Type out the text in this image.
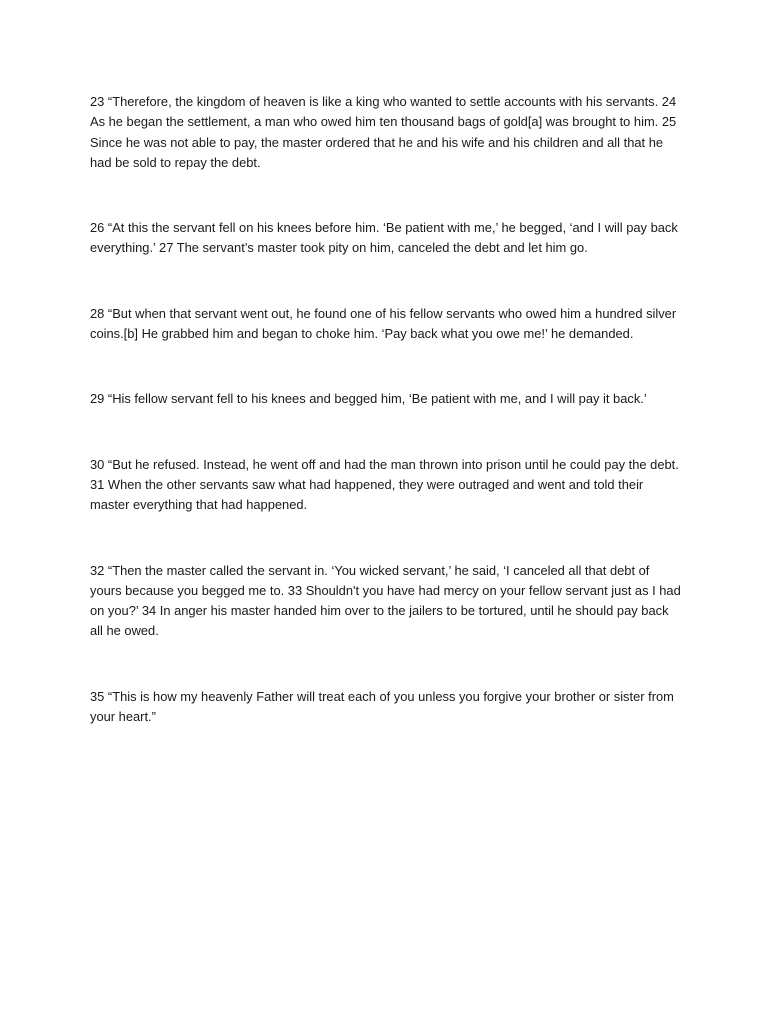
23 “Therefore, the kingdom of heaven is like a king who wanted to settle accounts with his servants. 24 As he began the settlement, a man who owed him ten thousand bags of gold[a] was brought to him. 25 Since he was not able to pay, the master ordered that he and his wife and his children and all that he had be sold to repay the debt.

26 “At this the servant fell on his knees before him. ‘Be patient with me,’ he begged, ‘and I will pay back everything.’ 27 The servant’s master took pity on him, canceled the debt and let him go.

28 “But when that servant went out, he found one of his fellow servants who owed him a hundred silver coins.[b] He grabbed him and began to choke him. ‘Pay back what you owe me!’ he demanded.

29 “His fellow servant fell to his knees and begged him, ‘Be patient with me, and I will pay it back.’

30 “But he refused. Instead, he went off and had the man thrown into prison until he could pay the debt. 31 When the other servants saw what had happened, they were outraged and went and told their master everything that had happened.

32 “Then the master called the servant in. ‘You wicked servant,’ he said, ‘I canceled all that debt of yours because you begged me to. 33 Shouldn't you have had mercy on your fellow servant just as I had on you?’ 34 In anger his master handed him over to the jailers to be tortured, until he should pay back all he owed.

35 “This is how my heavenly Father will treat each of you unless you forgive your brother or sister from your heart.”
